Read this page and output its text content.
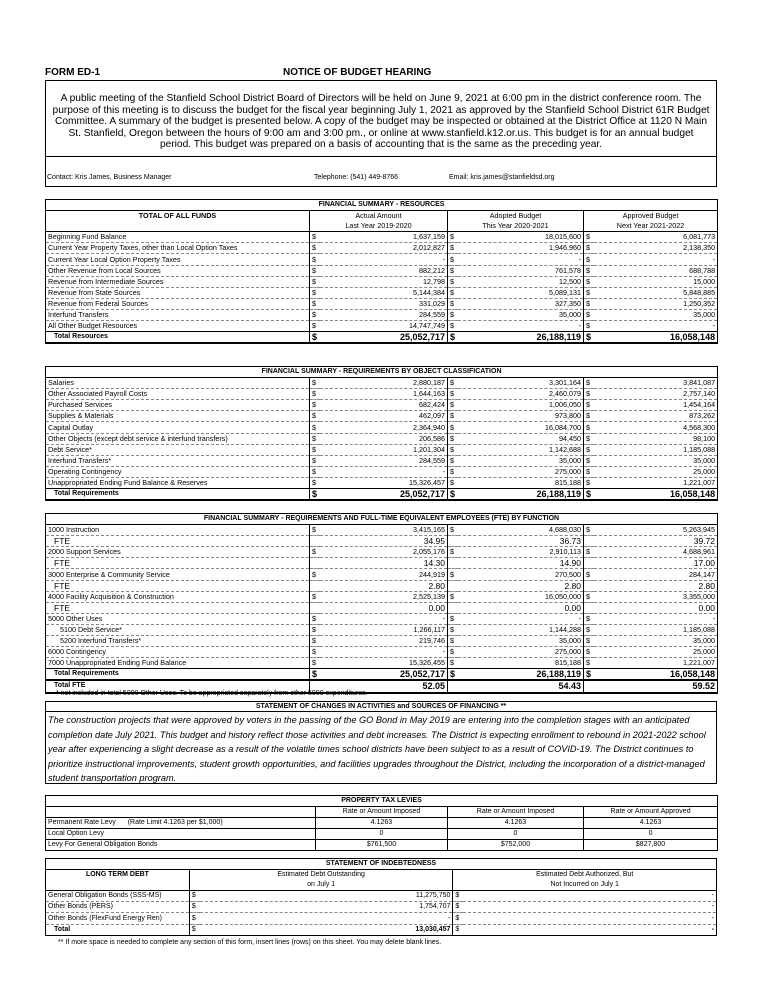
FORM ED-1	NOTICE OF BUDGET HEARING
A public meeting of the Stanfield School District Board of Directors will be held on June 9, 2021 at 6:00 pm in the district conference room. The purpose of this meeting is to discuss the budget for the fiscal year beginning July 1, 2021 as approved by the Stanfield School District 61R Budget Committee. A summary of the budget is presented below. A copy of the budget may be inspected or obtained at the District Office at 1120 N Main St. Stanfield, Oregon between the hours of 9:00 am and 3:00 pm., or online at www.stanfield.k12.or.us. This budget is for an annual budget period. This budget was prepared on a basis of accounting that is the same as the preceding year.
Contact: Kris James, Business Manager	Telephone: (541) 449-8766	Email: kris.james@stanfieldsd.org
FINANCIAL SUMMARY - RESOURCES						
TOTAL OF ALL FUNDS	Actual Amount		Adopted Budget		Approved Budget	
	Last Year 2019-2020		This Year 2020-2021		Next Year 2021-2022	
Beginning Fund Balance	$	1,637,159	$	18,015,600	$	6,081,773
Current Year Property Taxes, other than Local Option Taxes	$	2,012,827	$	1,946,960	$	2,138,350
Current Year Local Option Property Taxes	$	-	$	-	$	-
Other Revenue from Local Sources	$	882,212	$	761,578	$	688,788
Revenue from Intermediate Sources	$	12,798	$	12,500	$	15,000
Revenue from State Sources	$	5,144,384	$	5,089,131	$	5,848,885
Revenue from Federal Sources	$	331,029	$	327,350	$	1,250,352
Interfund Transfers	$	284,559	$	35,000	$	35,000
All Other Budget Resources	$	14,747,749	$	-	$	-
Total Resources	$	25,052,717	$	26,188,119	$	16,058,148
FINANCIAL SUMMARY - REQUIREMENTS BY OBJECT CLASSIFICATION						
Salaries	$	2,880,187	$	3,301,164	$	3,841,087
Other Associated Payroll Costs	$	1,644,163	$	2,460,079	$	2,757,140
Purchased Services	$	682,424	$	1,006,050	$	1,454,164
Supplies & Materials	$	462,097	$	973,800	$	873,262
Capital Outlay	$	2,364,940	$	16,084,700	$	4,568,300
Other Objects (except debt service & interfund transfers)	$	206,586	$	94,450	$	98,100
Debt Service*	$	1,201,304	$	1,142,688	$	1,185,088
Interfund Transfers*	$	284,559	$	35,000	$	35,000
Operating Contingency	$	-	$	275,000	$	25,000
Unappropriated Ending Fund Balance & Reserves	$	15,326,457	$	815,188	$	1,221,007
Total Requirements	$	25,052,717	$	26,188,119	$	16,058,148
FINANCIAL SUMMARY - REQUIREMENTS AND FULL-TIME EQUIVALENT EMPLOYEES (FTE) BY FUNCTION						
1000 Instruction	$	3,415,165	$	4,688,030	$	5,263,945
FTE		34.95		36.73		39.72
2000 Support Services	$	2,055,176	$	2,910,113	$	4,688,961
FTE		14.30		14.90		17.00
3000 Enterprise & Community Service	$	244,919	$	270,500	$	284,147
FTE		2.80		2.80		2.80
4000 Facility Acquisition & Construction	$	2,525,139	$	16,050,000	$	3,355,000
FTE		0.00		0.00		0.00
5000 Other Uses	$	-	$	-	$	-
5100 Debt Service*	$	1,266,117	$	1,144,288	$	1,185,088
5200 Interfund Transfers*	$	219,746	$	35,000	$	35,000
6000 Contingency	$	-	$	275,000	$	25,000
7000 Unappropriated Ending Fund Balance	$	15,326,455	$	815,188	$	1,221,007
Total Requirements	$	25,052,717	$	26,188,119	$	16,058,148
Total FTE		52.05		54.43		59.52
* not included in total 5000 Other Uses. To be appropriated separately from other 5000 expenditures.
STATEMENT OF CHANGES IN ACTIVITIES and SOURCES OF FINANCING **
The construction projects that were approved by voters in the passing of the GO Bond in May 2019 are entering into the completion stages with an anticipated completion date July 2021. This budget and history reflect those activities and debt increases. The District is expecting enrollment to rebound in 2021-2022 school year after experiencing a slight decrease as a result of the volatile times school districts have been subject to as a result of COVID-19. The District continues to prioritize instructional improvements, student growth opportunities, and facilities upgrades throughout the District, including the incorporation of a district-managed student transportation program.
PROPERTY TAX LEVIES			
	Rate or Amount Imposed	Rate or Amount Imposed	Rate or Amount Approved
Permanent Rate Levy (Rate Limit 4.1263 per $1,000)	4.1263	4.1263	4.1263
Local Option Levy	0	0	0
Levy For General Obligation Bonds	$761,500	$752,000	$827,800
STATEMENT OF INDEBTEDNESS				
LONG TERM DEBT	Estimated Debt Outstanding		Estimated Debt Authorized, But	
	on July 1		Not Incurred on July 1	
General Obligation Bonds (SSS-MS)	$	11,275,750	$	-
Other Bonds (PERS)	$	1,754,707	$	-
Other Bonds (FlexFund Energy Ren)	$	-	$	-
Total	$	13,030,457	$	-
** If more space is needed to complete any section of this form, insert lines (rows) on this sheet. You may delete blank lines.
